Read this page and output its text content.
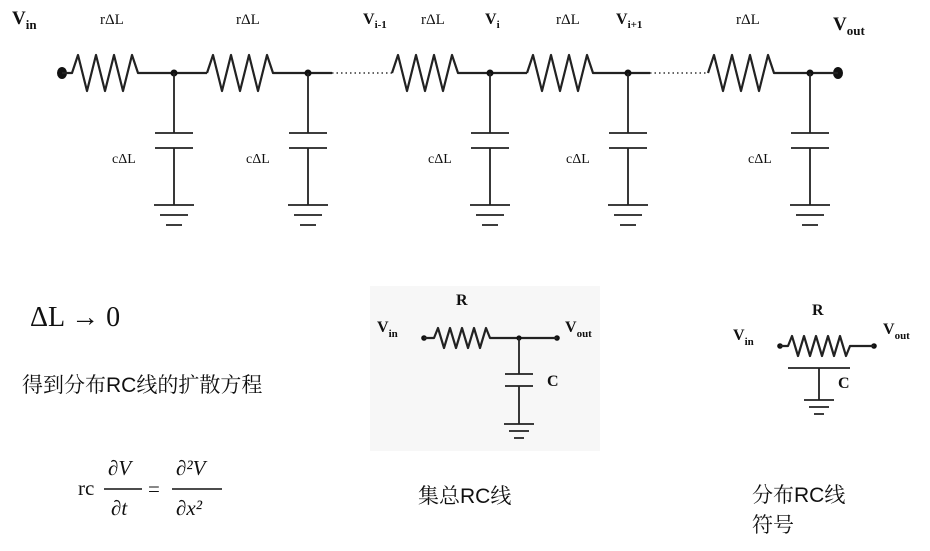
$V_{in}$	$V_{out}$
rΔL	rΔL	rΔL	rΔL	rΔL
$V_{i-1}$	$V_i$	$V_{i+1}$
cΔL	cΔL	cΔL	cΔL	cΔL
ΔL → 0
得到分布RC线的扩散方程
rc
∂V
∂t
=
∂²V
∂x²
R
C
$V_{in}$	$V_{out}$
集总RC线
R
C
$V_{in}$
$V_{out}$
分布RC线
符号
